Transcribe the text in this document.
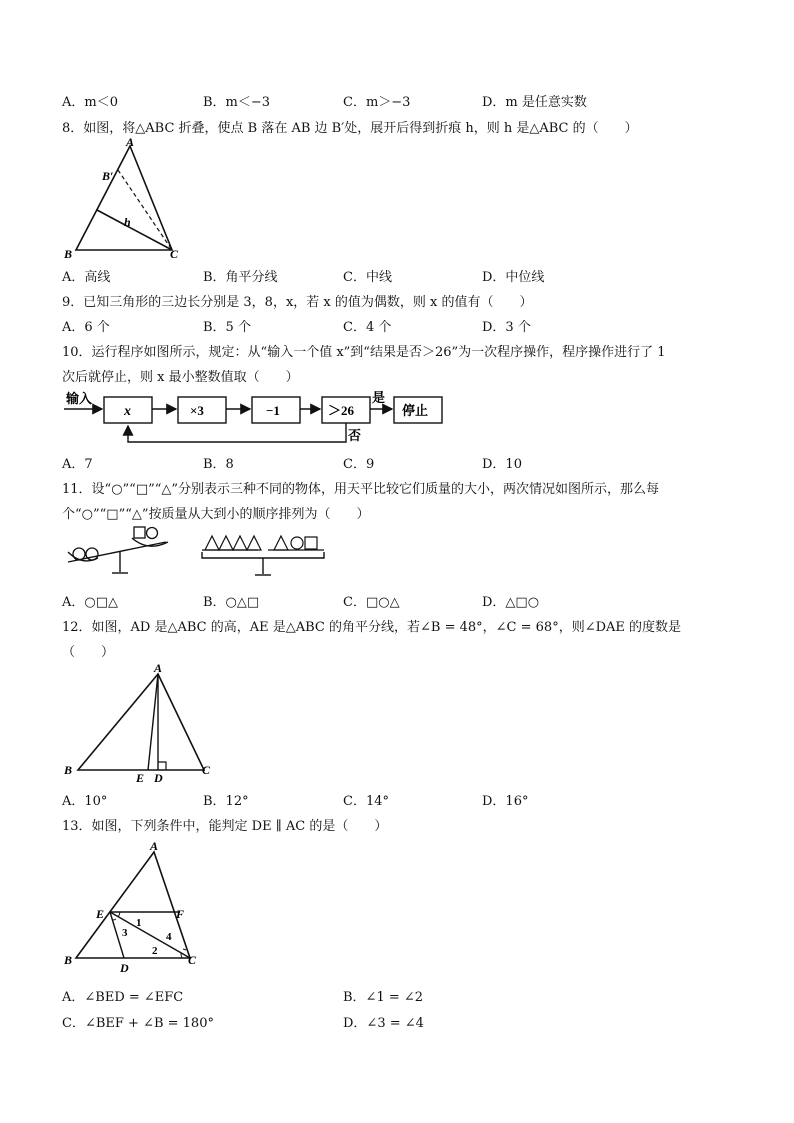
A．m＜0	B．m＜−3	C．m＞−3	D．m 是任意实数
8．如图，将△ABC 折叠，使点 B 落在 AB 边 B′处，展开后得到折痕 h，则 h 是△ABC 的（　　）
A
B′
h
B	C
A．高线	B．角平分线	C．中线	D．中位线
9．已知三角形的三边长分别是 3，8，x，若 x 的值为偶数，则 x 的值有（　　）
A．6 个	B．5 个	C．4 个	D．3 个
10．运行程序如图所示，规定：从“输入一个值 x”到“结果是否＞26”为一次程序操作，程序操作进行了 1
次后就停止，则 x 最小整数值取（　　）
输入
x	×3	−1	＞26
是
停止
否
A．7	B．8	C．9	D．10
11．设“○”“□”“△”分别表示三种不同的物体，用天平比较它们质量的大小，两次情况如图所示，那么每
个“○”“□”“△”按质量从大到小的顺序排列为（　　）
A．○□△	B．○△□	C．□○△	D．△□○
12．如图，AD 是△ABC 的高，AE 是△ABC 的角平分线，若∠B = 48°，∠C = 68°，则∠DAE 的度数是
（　　）
A
B
E D
C
A．10°	B．12°	C．14°	D．16°
13．如图，下列条件中，能判定 DE ∥ AC 的是（　　）
A
E	F
B
D
C
1
2
3	4
A．∠BED = ∠EFC	B．∠1 = ∠2
C．∠BEF + ∠B = 180°	D．∠3 = ∠4
